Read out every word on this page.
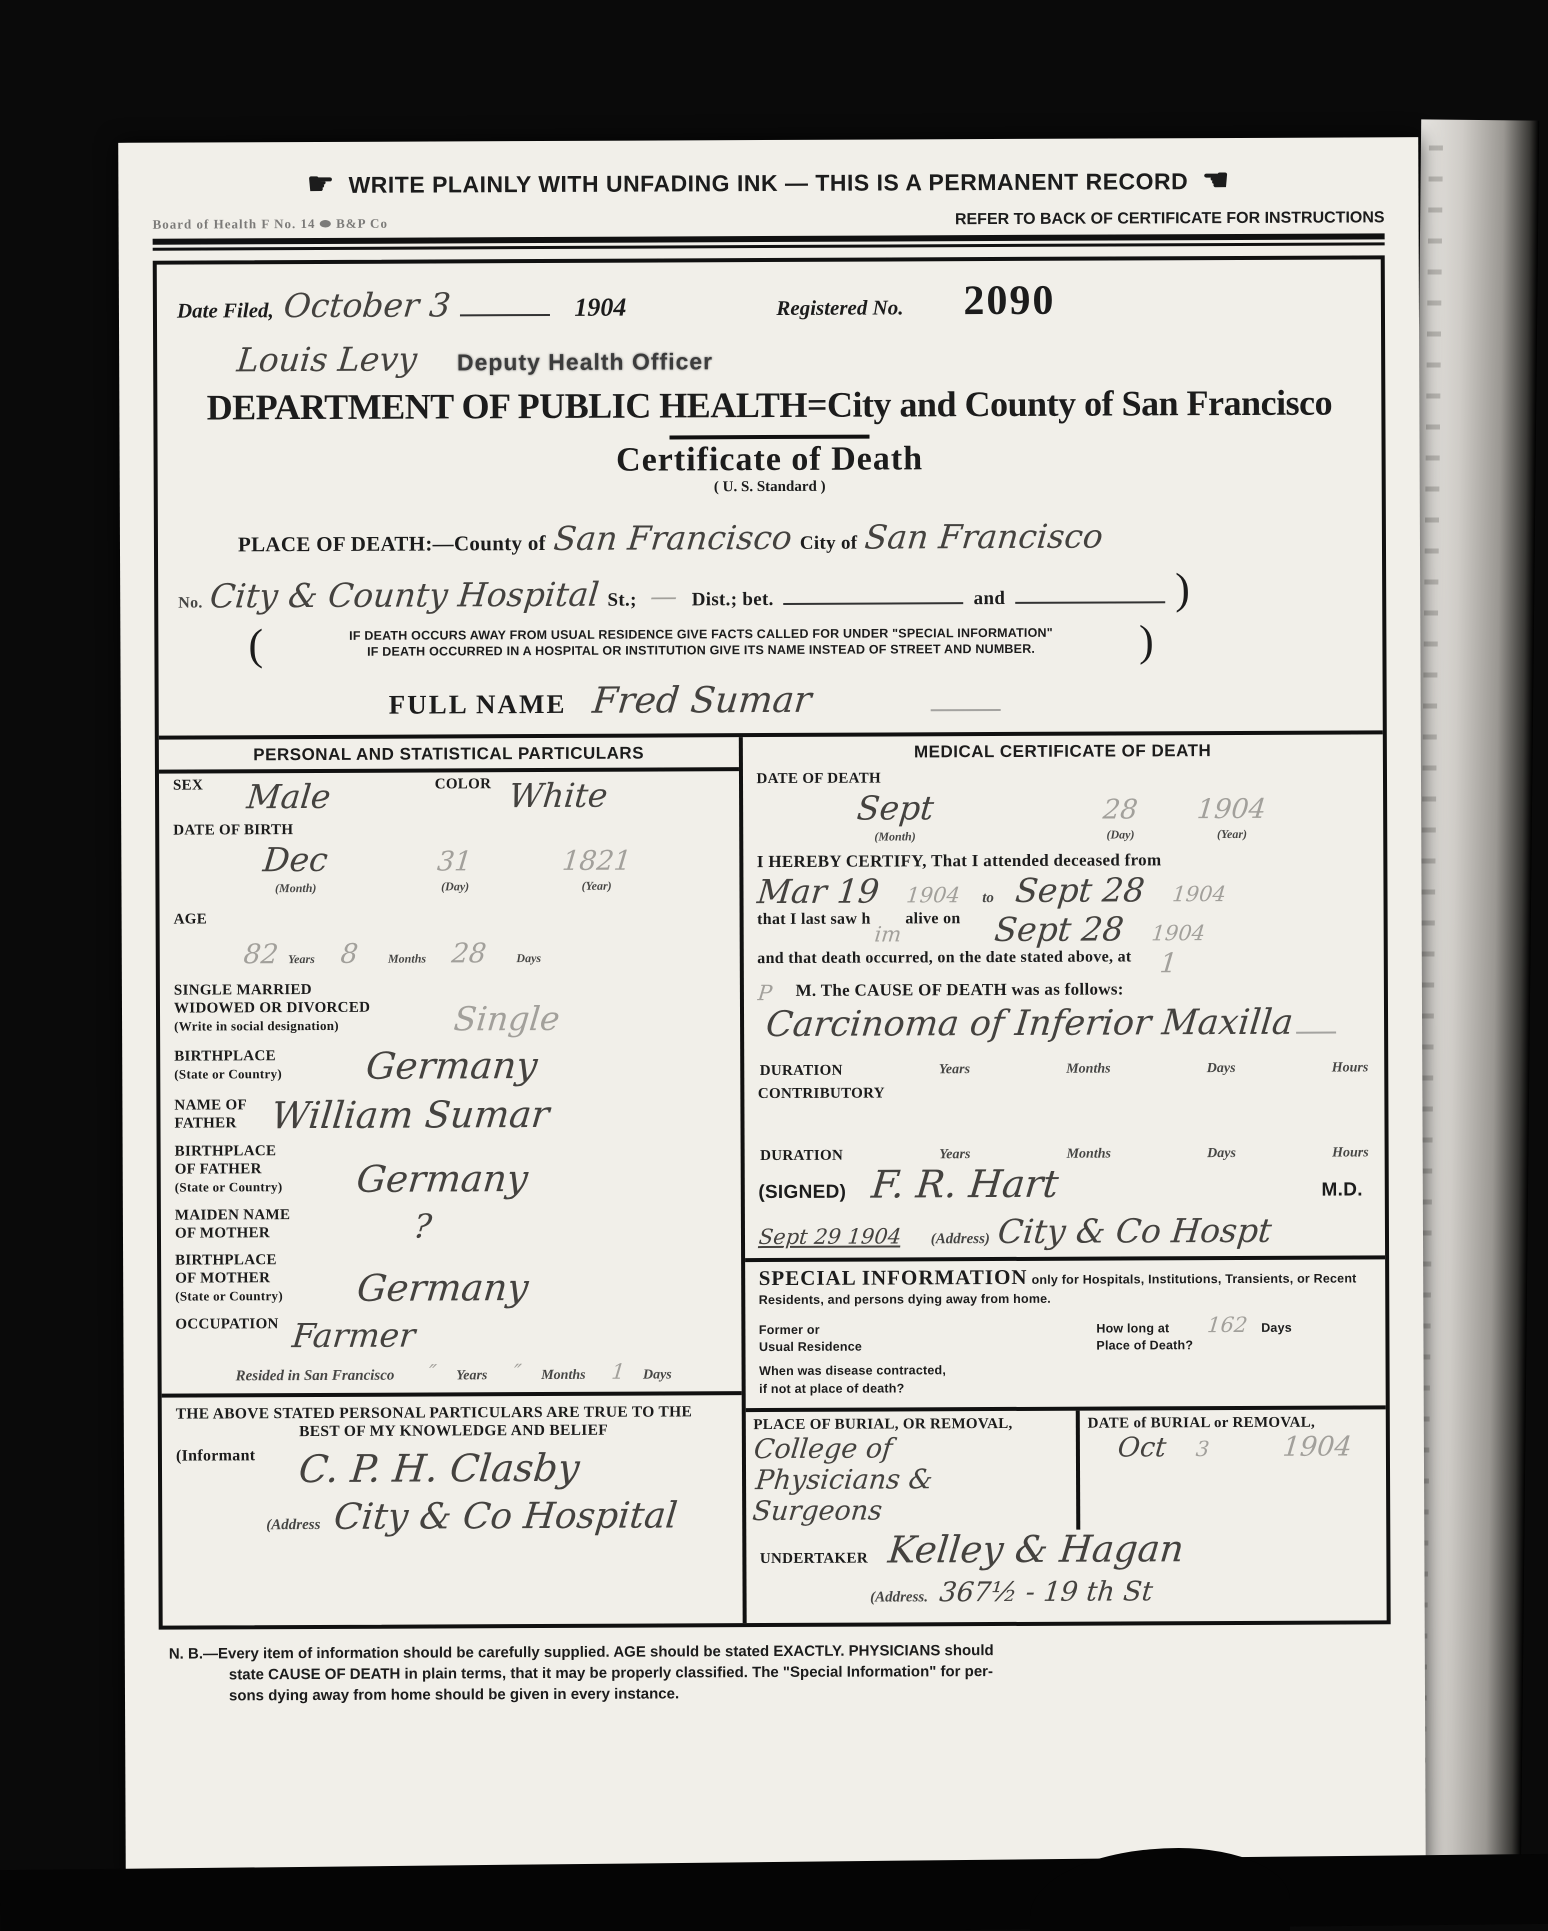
☛ WRITE PLAINLY WITH UNFADING INK — THIS IS A PERMANENT RECORD ☚
Board of Health F No. 14 ⬬ B&P Co	REFER TO BACK OF CERTIFICATE FOR INSTRUCTIONS
Date Filed, October 3	1904	Registered No. 2090
Louis Levy Deputy Health Officer
DEPARTMENT OF PUBLIC HEALTH=City and County of San Francisco
Certificate of Death
( U. S. Standard )
PLACE OF DEATH:—County of San Francisco City of San Francisco
No. City & County Hospital St.; — Dist.; bet.	and	)
(	IF DEATH OCCURS AWAY FROM USUAL RESIDENCE GIVE FACTS CALLED FOR UNDER "SPECIAL INFORMATION"
IF DEATH OCCURRED IN A HOSPITAL OR INSTITUTION GIVE ITS NAME INSTEAD OF STREET AND NUMBER.	)
FULL NAME Fred Sumar
PERSONAL AND STATISTICAL PARTICULARS
SEX Male	COLOR White
DATE OF BIRTH
Dec
(Month)
31
(Day)
1821
(Year)
AGE
82 Years 8 Months 28 Days
SINGLE MARRIED
WIDOWED OR DIVORCED
(Write in social designation)	Single
BIRTHPLACE
(State or Country) Germany
NAME OF
FATHER William Sumar
BIRTHPLACE
OF FATHER
(State or Country) Germany
MAIDEN NAME
OF MOTHER	?
BIRTHPLACE
OF MOTHER
(State or Country) Germany
OCCUPATION Farmer
Resided in San Francisco ″ Years ″ Months 1 Days
THE ABOVE STATED PERSONAL PARTICULARS ARE TRUE TO THE

BEST OF MY KNOWLEDGE AND BELIEF
(Informant C. P. H. Clasby
(Address City & Co Hospital
MEDICAL CERTIFICATE OF DEATH
DATE OF DEATH
Sept
(Month)
28
(Day)
1904
(Year)
I HEREBY CERTIFY, That I attended deceased from
Mar 19 1904 to Sept 28 1904
that I last saw h im alive on Sept 28 1904
and that death occurred, on the date stated above, at 1
P M. The CAUSE OF DEATH was as follows:
Carcinoma of Inferior Maxilla
DURATION	Years	Months	Days	Hours
CONTRIBUTORY
DURATION	Years	Months	Days	Hours
(SIGNED) F. R. Hart	M.D.
Sept 29 1904 (Address) City & Co Hospt
SPECIAL INFORMATION only for Hospitals, Institutions, Transients, or Recent Residents, and persons dying away from home.
Former or
Usual Residence
How long at
Place of Death?
162 Days
When was disease contracted,
if not at place of death?
PLACE OF BURIAL, OR REMOVAL,
College of
Physicians & Surgeons
DATE of BURIAL or REMOVAL,
Oct 3	1904
UNDERTAKER Kelley & Hagan
(Address. 367½ - 19 th St

N. B.—Every item of information should be carefully supplied. AGE should be stated EXACTLY. PHYSICIANS should
state CAUSE OF DEATH in plain terms, that it may be properly classified. The "Special Information" for per-
sons dying away from home should be given in every instance.
